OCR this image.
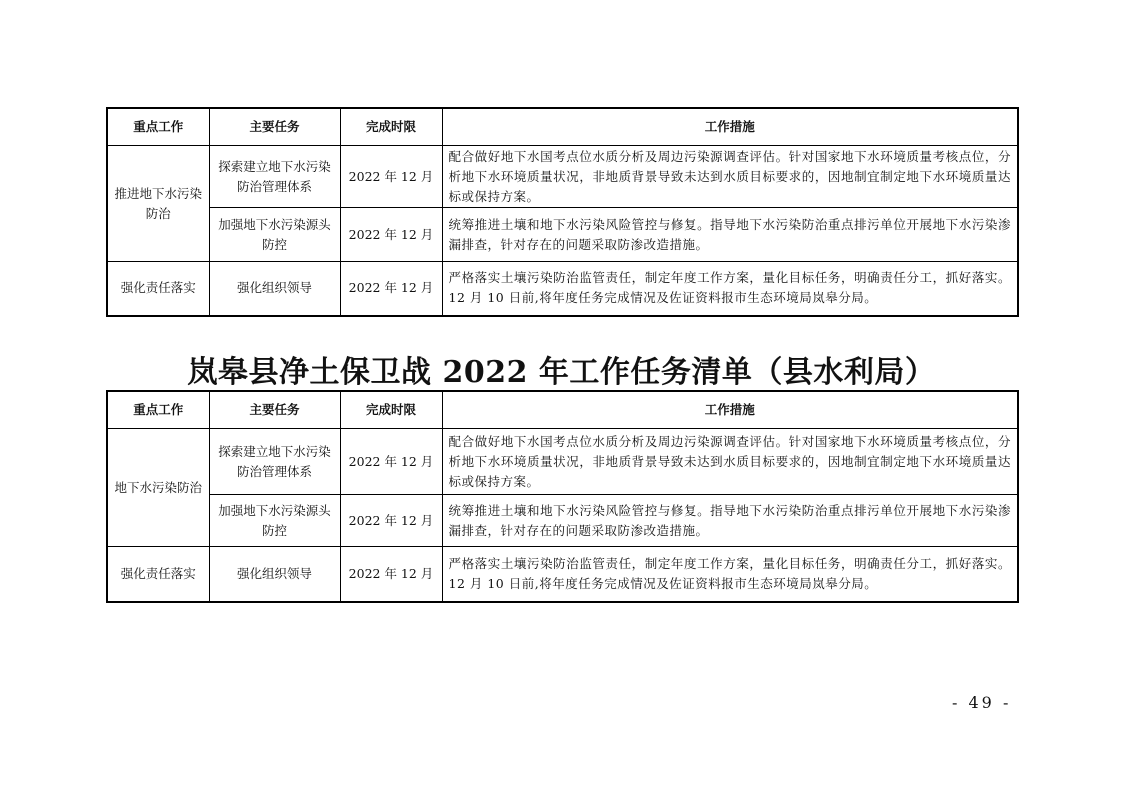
重点工作	主要任务	完成时限	工作措施
推进地下水污染防治	探索建立地下水污染防治管理体系	2022 年 12 月	配合做好地下水国考点位水质分析及周边污染源调查评估。针对国家地下水环境质量考核点位，分析地下水环境质量状况，非地质背景导致未达到水质目标要求的，因地制宜制定地下水环境质量达标或保持方案。
	加强地下水污染源头防控	2022 年 12 月	统筹推进土壤和地下水污染风险管控与修复。指导地下水污染防治重点排污单位开展地下水污染渗漏排查，针对存在的问题采取防渗改造措施。
强化责任落实	强化组织领导	2022 年 12 月	严格落实土壤污染防治监管责任，制定年度工作方案，量化目标任务，明确责任分工，抓好落实。12 月 10 日前,将年度任务完成情况及佐证资料报市生态环境局岚皋分局。
岚皋县净土保卫战 2022 年工作任务清单（县水利局）
重点工作	主要任务	完成时限	工作措施
地下水污染防治	探索建立地下水污染防治管理体系	2022 年 12 月	配合做好地下水国考点位水质分析及周边污染源调查评估。针对国家地下水环境质量考核点位，分析地下水环境质量状况，非地质背景导致未达到水质目标要求的，因地制宜制定地下水环境质量达标或保持方案。
	加强地下水污染源头防控	2022 年 12 月	统筹推进土壤和地下水污染风险管控与修复。指导地下水污染防治重点排污单位开展地下水污染渗漏排查，针对存在的问题采取防渗改造措施。
强化责任落实	强化组织领导	2022 年 12 月	严格落实土壤污染防治监管责任，制定年度工作方案，量化目标任务，明确责任分工，抓好落实。12 月 10 日前,将年度任务完成情况及佐证资料报市生态环境局岚皋分局。
- 49 -
